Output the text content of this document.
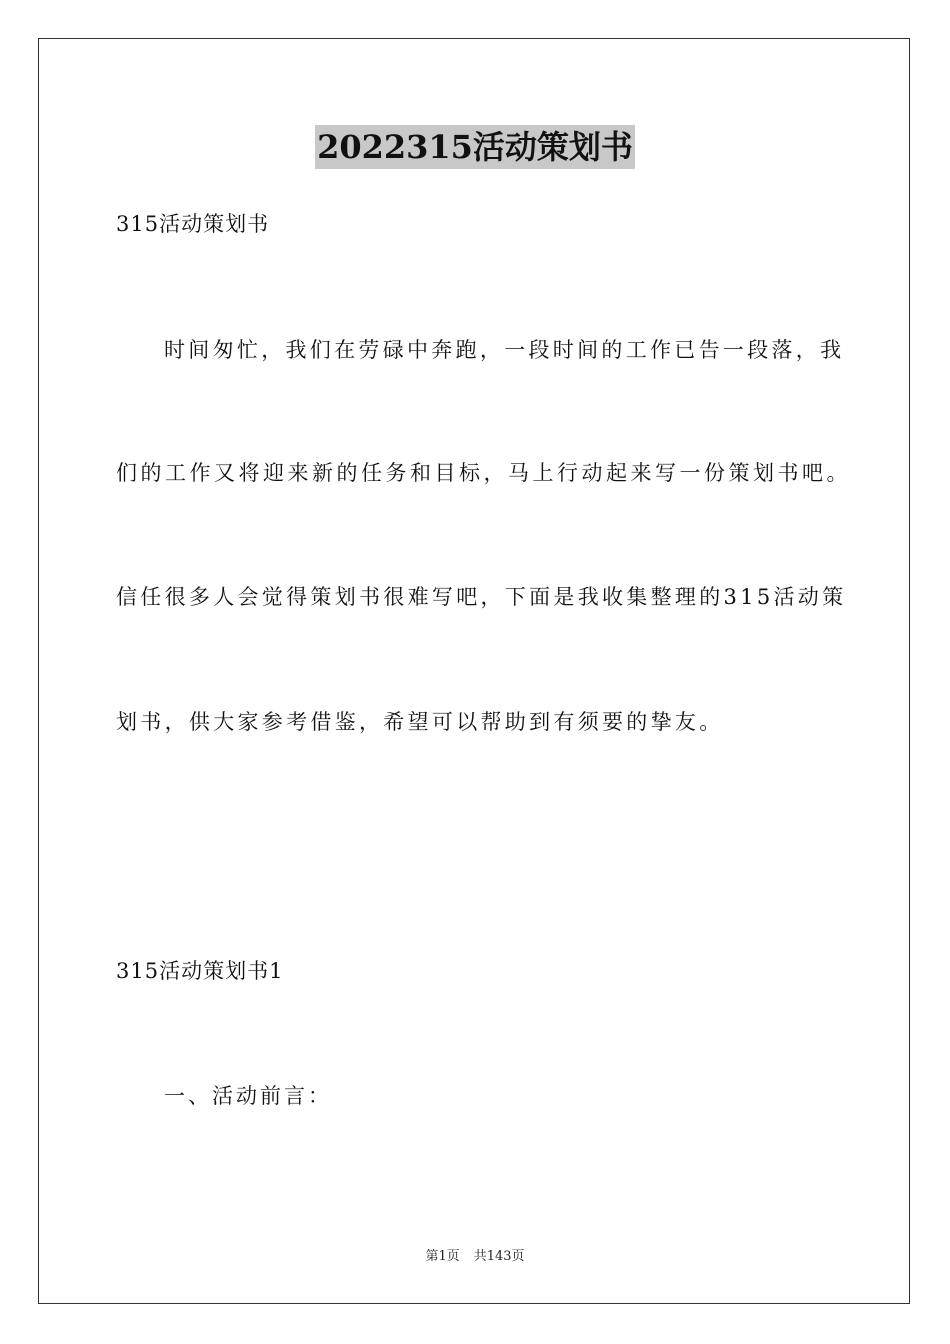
2022315活动策划书
315活动策划书
时间匆忙，我们在劳碌中奔跑，一段时间的工作已告一段落，我
们的工作又将迎来新的任务和目标，马上行动起来写一份策划书吧。
信任很多人会觉得策划书很难写吧，下面是我收集整理的315活动策
划书，供大家参考借鉴，希望可以帮助到有须要的挚友。
315活动策划书1
一、活动前言：
第1页 共143页
